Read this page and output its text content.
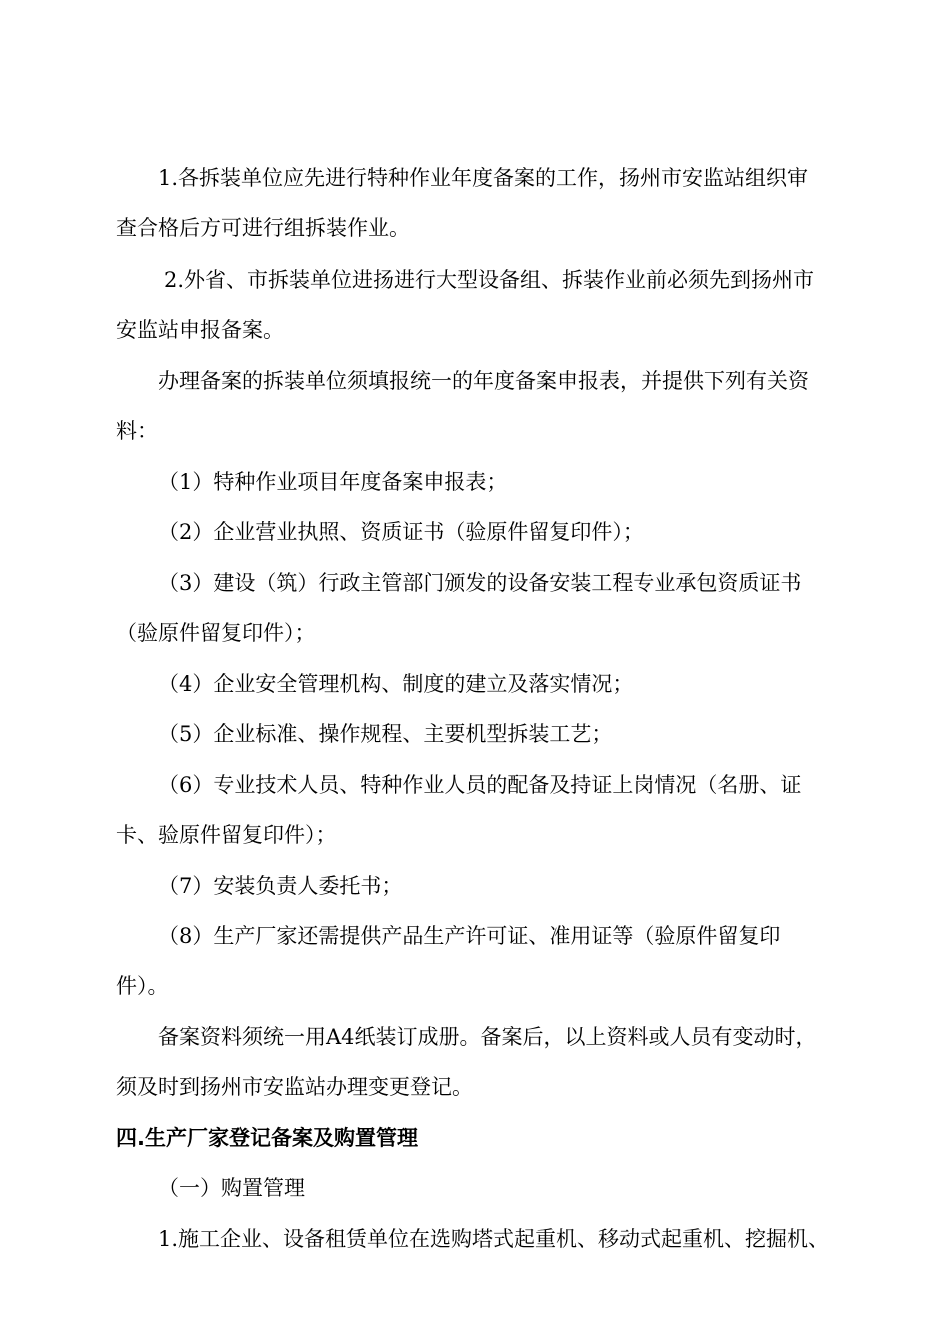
1.各拆装单位应先进行特种作业年度备案的工作，扬州市安监站组织审
查合格后方可进行组拆装作业。
2.外省、市拆装单位进扬进行大型设备组、拆装作业前必须先到扬州市
安监站申报备案。
办理备案的拆装单位须填报统一的年度备案申报表，并提供下列有关资
料：
（1）特种作业项目年度备案申报表；
（2）企业营业执照、资质证书（验原件留复印件）；
（3）建设（筑）行政主管部门颁发的设备安装工程专业承包资质证书
（验原件留复印件）；
（4）企业安全管理机构、制度的建立及落实情况；
（5）企业标准、操作规程、主要机型拆装工艺；
（6）专业技术人员、特种作业人员的配备及持证上岗情况（名册、证
卡、验原件留复印件）；
（7）安装负责人委托书；
（8）生产厂家还需提供产品生产许可证、准用证等（验原件留复印
件）。
备案资料须统一用A4纸装订成册。备案后，以上资料或人员有变动时，
须及时到扬州市安监站办理变更登记。
四.生产厂家登记备案及购置管理
（一）购置管理
1.施工企业、设备租赁单位在选购塔式起重机、移动式起重机、挖掘机、
